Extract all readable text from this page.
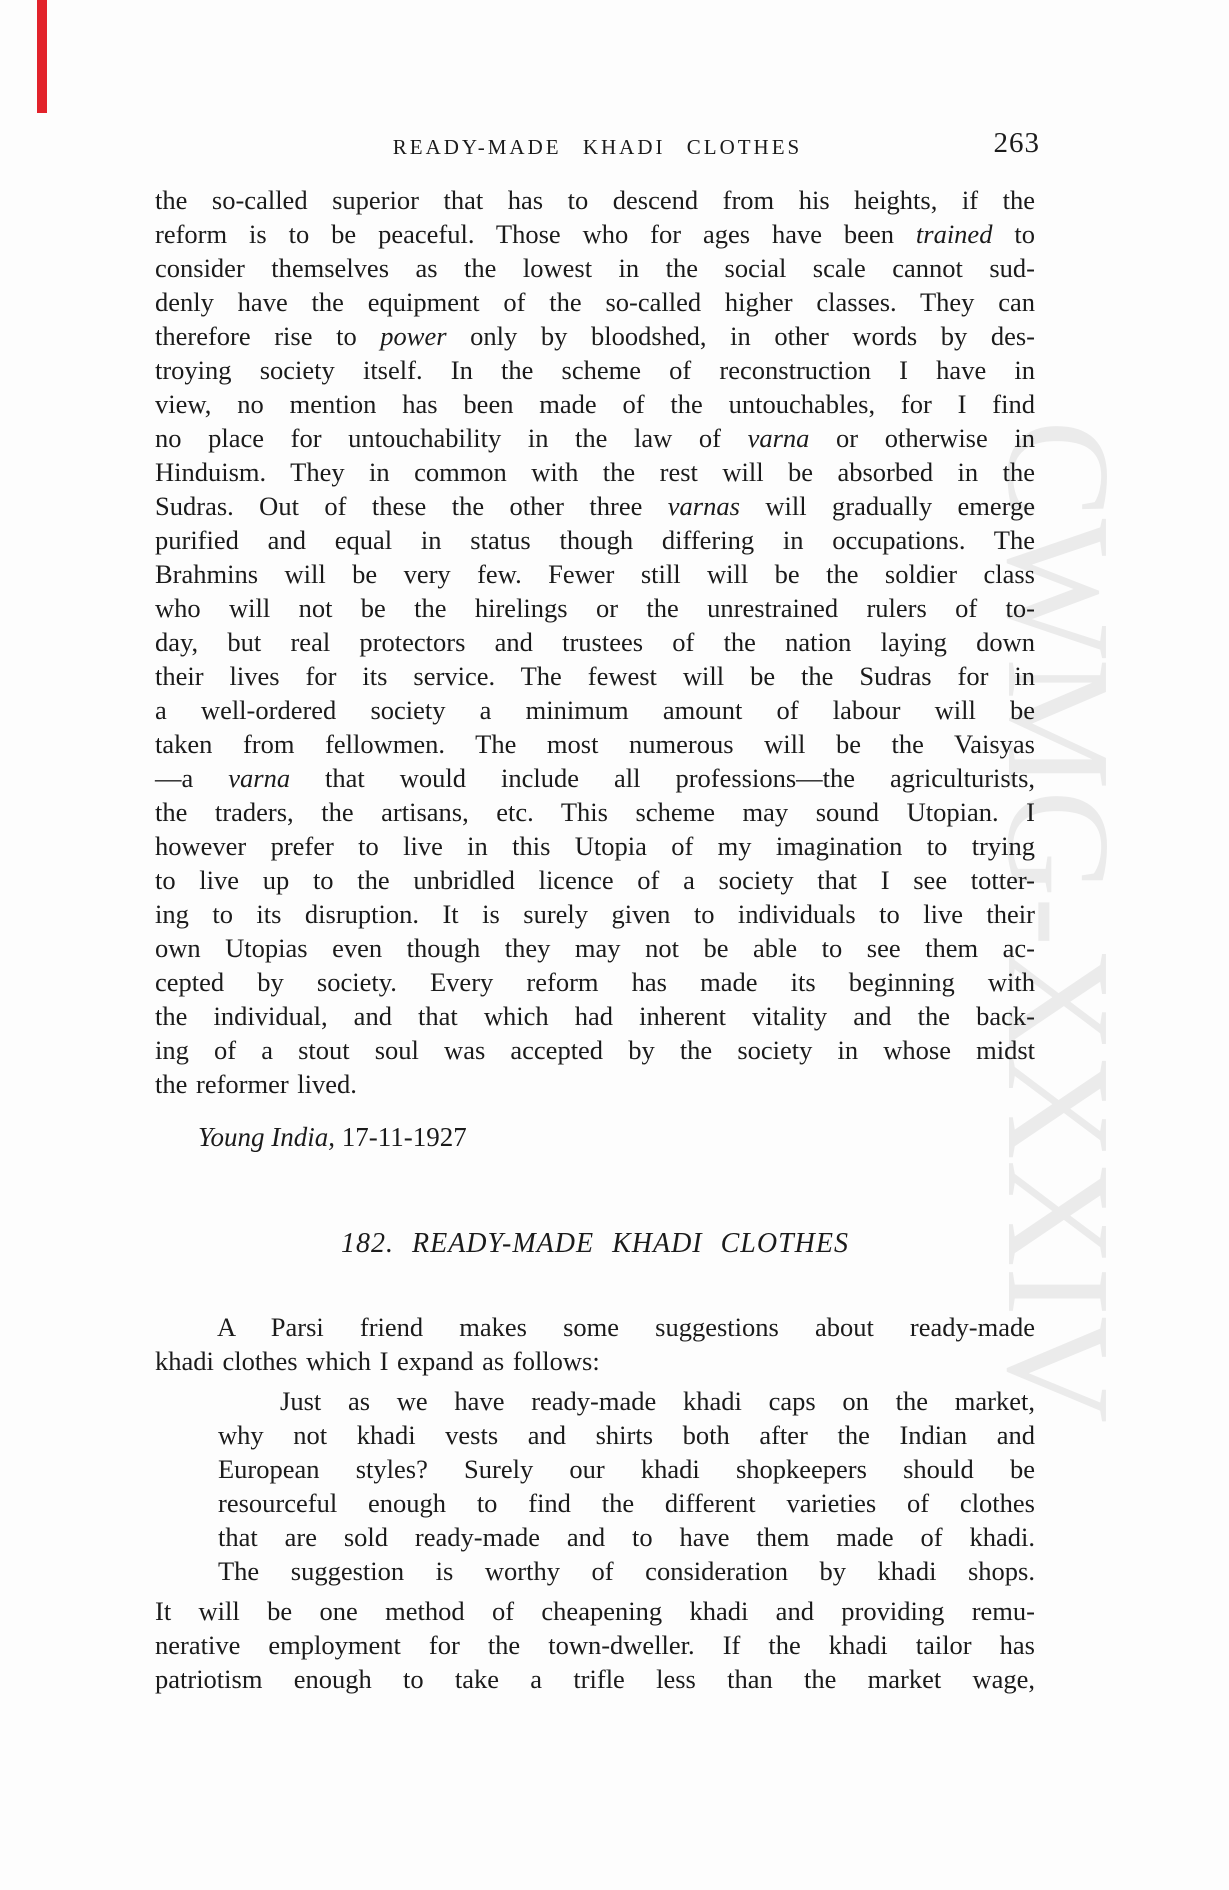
CWMG-XXXIV
READY-MADE KHADI CLOTHES	263
the so-called superior that has to descend from his heights, if the
reform is to be peaceful. Those who for ages have been trained to
consider themselves as the lowest in the social scale cannot sud-
denly have the equipment of the so-called higher classes. They can
therefore rise to power only by bloodshed, in other words by des-
troying society itself. In the scheme of reconstruction I have in
view, no mention has been made of the untouchables, for I find
no place for untouchability in the law of varna or otherwise in
Hinduism. They in common with the rest will be absorbed in the
Sudras. Out of these the other three varnas will gradually emerge
purified and equal in status though differing in occupations. The
Brahmins will be very few. Fewer still will be the soldier class
who will not be the hirelings or the unrestrained rulers of to-
day, but real protectors and trustees of the nation laying down
their lives for its service. The fewest will be the Sudras for in
a well-ordered society a minimum amount of labour will be
taken from fellowmen. The most numerous will be the Vaisyas
—a varna that would include all professions—the agriculturists,
the traders, the artisans, etc. This scheme may sound Utopian. I
however prefer to live in this Utopia of my imagination to trying
to live up to the unbridled licence of a society that I see totter-
ing to its disruption. It is surely given to individuals to live their
own Utopias even though they may not be able to see them ac-
cepted by society. Every reform has made its beginning with
the individual, and that which had inherent vitality and the back-
ing of a stout soul was accepted by the society in whose midst
the reformer lived.
Young India, 17-11-1927
182. READY-MADE KHADI CLOTHES
A Parsi friend makes some suggestions about ready-made
khadi clothes which I expand as follows:
Just as we have ready-made khadi caps on the market,
why not khadi vests and shirts both after the Indian and
European styles? Surely our khadi shopkeepers should be
resourceful enough to find the different varieties of clothes
that are sold ready-made and to have them made of khadi.
The suggestion is worthy of consideration by khadi shops.
It will be one method of cheapening khadi and providing remu-
nerative employment for the town-dweller. If the khadi tailor has
patriotism enough to take a trifle less than the market wage,
